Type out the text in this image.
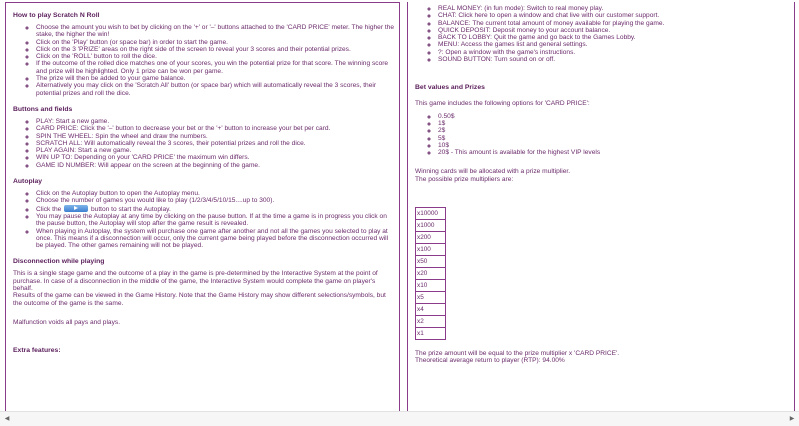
How to play Scratch N Roll
◦ Choose the amount you wish to bet by clicking on the '+' or '–' buttons attached to the 'CARD PRICE' meter. The higher the stake, the higher the win!
◦ Click on the 'Play' button (or space bar) in order to start the game.
◦ Click on the 3 'PRIZE' areas on the right side of the screen to reveal your 3 scores and their potential prizes.
◦ Click on the 'ROLL' button to roll the dice.
◦ If the outcome of the rolled dice matches one of your scores, you win the potential prize for that score. The winning score and prize will be highlighted. Only 1 prize can be won per game.
◦ The prize will then be added to your game balance.
◦ Alternatively you may click on the 'Scratch All' button (or space bar) which will automatically reveal the 3 scores, their potential prizes and roll the dice.
Buttons and fields
◦ PLAY: Start a new game.
◦ CARD PRICE: Click the '–' button to decrease your bet or the '+' button to increase your bet per card.
◦ SPIN THE WHEEL: Spin the wheel and draw the numbers.
◦ SCRATCH ALL: Will automatically reveal the 3 scores, their potential prizes and roll the dice.
◦ PLAY AGAIN: Start a new game.
◦ WIN UP TO: Depending on your 'CARD PRICE' the maximum win differs.
◦ GAME ID NUMBER: Will appear on the screen at the beginning of the game.
Autoplay
◦ Click on the Autoplay button to open the Autoplay menu.
◦ Choose the number of games you would like to play (1/2/3/4/5/10/15....up to 300).
◦ Click the	button to start the Autoplay.
◦ You may pause the Autoplay at any time by clicking on the pause button. If at the time a game is in progress you click on the pause button, the Autoplay will stop after the game result is revealed.
◦ When playing in Autoplay, the system will purchase one game after another and not all the games you selected to play at once. This means if a disconnection will occur, only the current game being played before the disconnection occurred will be played. The other games remaining will not be played.
Disconnection while playing

This is a single stage game and the outcome of a play in the game is pre-determined by the Interactive System at the point of purchase. In case of a disconnection in the middle of the game, the Interactive System would complete the game on player's behalf.

Results of the game can be viewed in the Game History. Note that the Game History may show different selections/symbols, but the outcome of the game is the same.

Malfunction voids all pays and plays.

Extra features:
◦ REAL MONEY: (in fun mode): Switch to real money play.
◦ CHAT: Click here to open a window and chat live with our customer support.
◦ BALANCE: The current total amount of money available for playing the game.
◦ QUICK DEPOSIT: Deposit money to your account balance.
◦ BACK TO LOBBY: Quit the game and go back to the Games Lobby.
◦ MENU: Access the games list and general settings.
◦ ?: Open a window with the game's instructions.
◦ SOUND BUTTON: Turn sound on or off.
Bet values and Prizes

This game includes the following options for 'CARD PRICE':

◦ 0.50$
◦ 1$
◦ 2$
◦ 5$
◦ 10$
◦ 20$ - This amount is available for the highest VIP levels

Winning cards will be allocated with a prize multiplier.

The possible prize multipliers are:

x10000
x1000
x200
x100
x50
x20
x10
x5
x4
x2
x1

The prize amount will be equal to the prize multiplier x 'CARD PRICE'.

Theoretical average return to player (RTP): 94.00%

◀	▶
